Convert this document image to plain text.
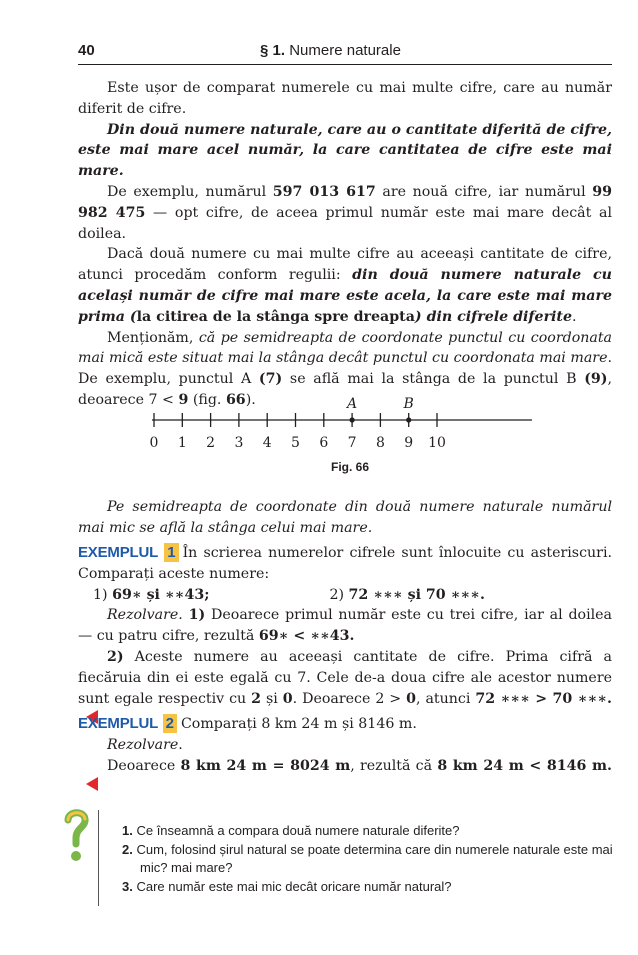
40	§ 1. Numere naturale

Este ușor de comparat numerele cu mai multe cifre, care au număr diferit de cifre.

Din două numere naturale, care au o cantitate diferită de cifre, este mai mare acel număr, la care cantitatea de cifre este mai mare.

De exemplu, numărul 597 013 617 are nouă cifre, iar numărul 99 982 475 — opt cifre, de aceea primul număr este mai mare decât al doilea.

Dacă două numere cu mai multe cifre au aceeași cantitate de cifre, atunci procedăm conform regulii: din două numere naturale cu același număr de cifre mai mare este acela, la care este mai mare prima (la citirea de la stânga spre dreapta) din cifrele diferite.

Menționăm, că pe semidreapta de coordonate punctul cu coordonata mai mică este situat mai la stânga decât punctul cu coordonata mai mare. De exemplu, punctul A (7) se află mai la stânga de la punctul B (9), deoarece 7 < 9 (fig. 66).

0 1 2 3 4 5 6 7 8 9 10
A	B
Fig. 66

Pe semidreapta de coordonate din două numere naturale numărul mai mic se află la stânga celui mai mare.

EXEMPLUL 1 În scrierea numerelor cifrele sunt înlocuite cu asteriscuri. Comparați aceste numere:

1) 69∗ și ∗∗43;	2) 72 ∗∗∗ și 70 ∗∗∗.

Rezolvare. 1) Deoarece primul număr este cu trei cifre, iar al doilea — cu patru cifre, rezultă 69∗ < ∗∗43.

2) Aceste numere au aceeași cantitate de cifre. Prima cifră a fiecăruia din ei este egală cu 7. Cele de-a doua cifre ale acestor numere sunt egale respectiv cu 2 și 0. Deoarece 2 > 0, atunci 72 ∗∗∗ > 70 ∗∗∗.

EXEMPLUL 2 Comparați 8 km 24 m și 8146 m.

Rezolvare.

Deoarece 8 km 24 m = 8024 m, rezultă că 8 km 24 m < 8146 m.

1. Ce înseamnă a compara două numere naturale diferite?
2. Cum, folosind șirul natural se poate determina care din numerele naturale este mai mic? mai mare?
3. Care număr este mai mic decât oricare număr natural?
